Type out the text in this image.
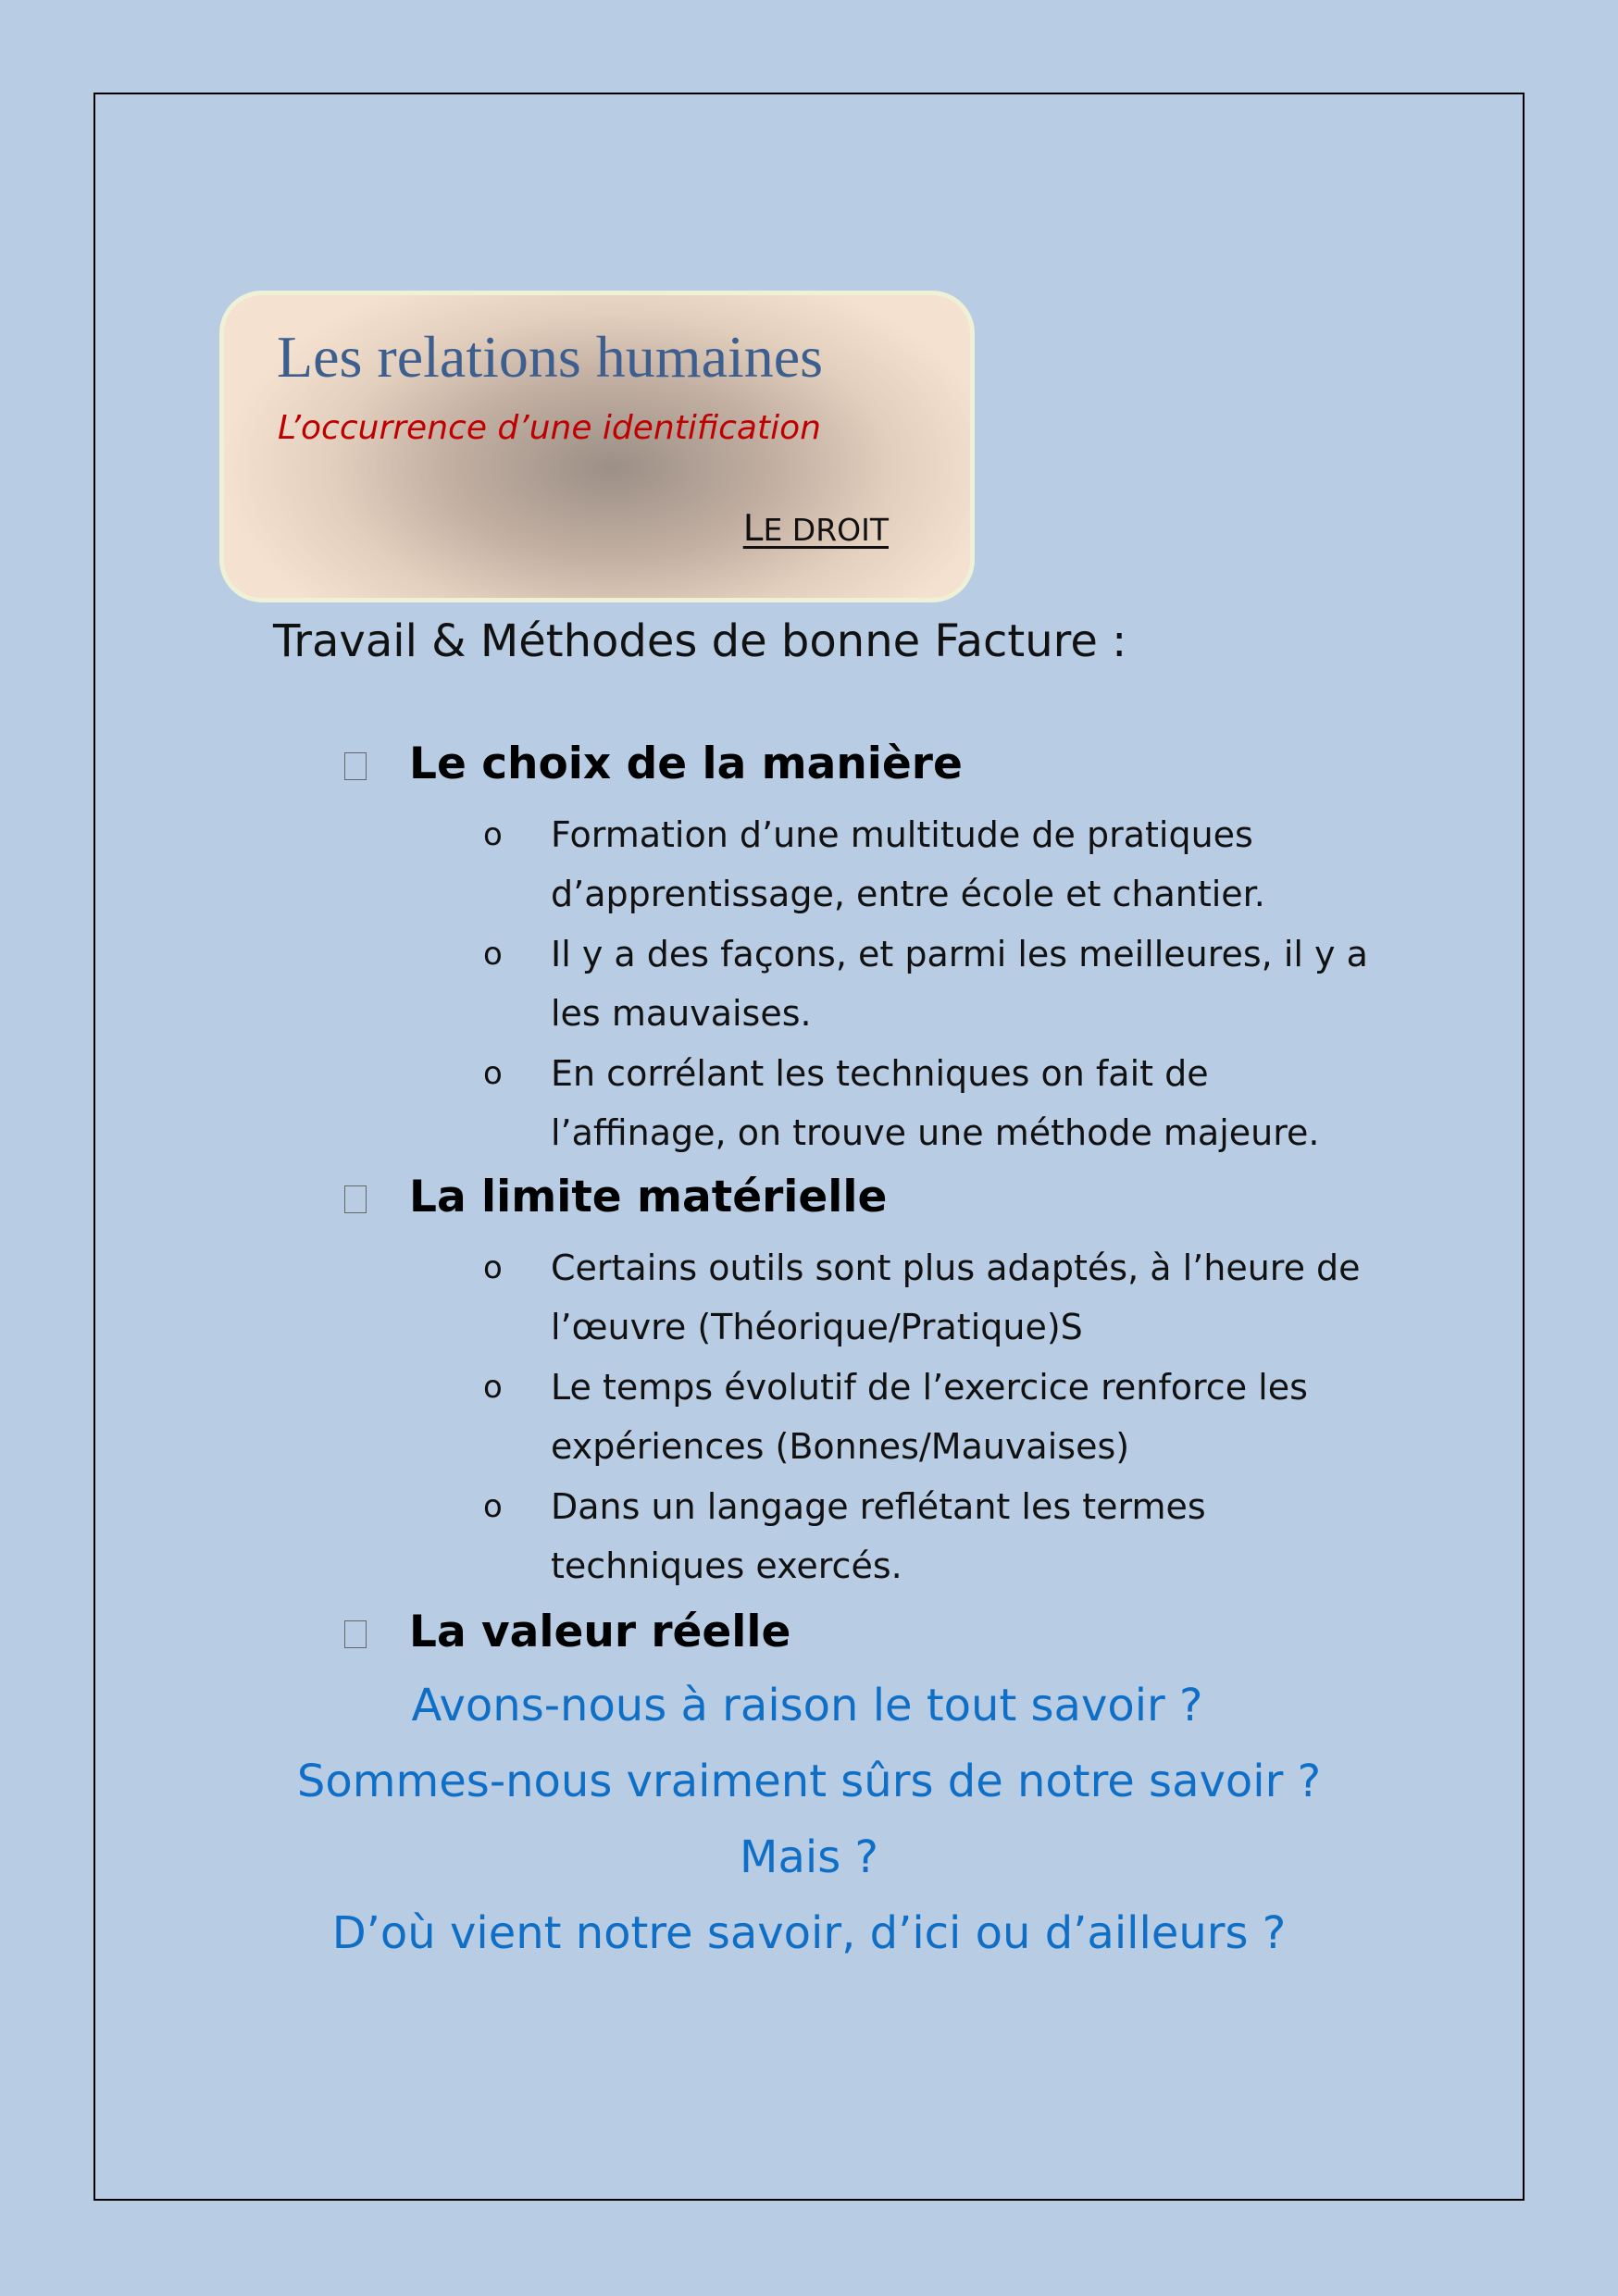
Les relations humaines
L’occurrence d’une identification
LE DROIT
Travail & Méthodes de bonne Facture :
Le choix de la manière
o Formation d’une multitude de pratiques
d’apprentissage, entre école et chantier.
o Il y a des façons, et parmi les meilleures, il y a
les mauvaises.
o En corrélant les techniques on fait de
l’affinage, on trouve une méthode majeure.
La limite matérielle
o Certains outils sont plus adaptés, à l’heure de
l’œuvre (Théorique/Pratique)S
o Le temps évolutif de l’exercice renforce les
expériences (Bonnes/Mauvaises)
o Dans un langage reflétant les termes
techniques exercés.
La valeur réelle
Avons-nous à raison le tout savoir ?
Sommes-nous vraiment sûrs de notre savoir ?
Mais ?
D’où vient notre savoir, d’ici ou d’ailleurs ?
